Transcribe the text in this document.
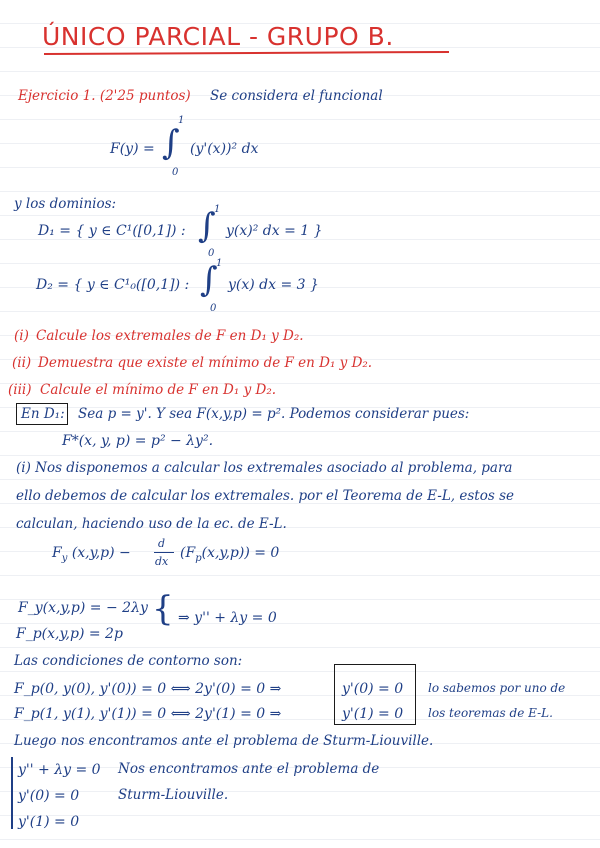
ÚNICO PARCIAL - GRUPO B.
Ejercicio 1. (2'25 puntos) Se considera el funcional
F(y) = ∫
1
0
(y'(x))² dx
y los dominios:
D₁ = { y ∈ C¹([0,1]) : ∫
1
0
y(x)² dx = 1 }
D₂ = { y ∈ C¹₀([0,1]) : ∫
1
0
y(x) dx = 3 }
(i) Calcule los extremales de F en D₁ y D₂.
(ii) Demuestra que existe el mínimo de F en D₁ y D₂.
(iii) Calcule el mínimo de F en D₁ y D₂.
En D₁: Sea p = y'. Y sea F(x,y,p) = p². Podemos considerar pues:
F*(x, y, p) = p² − λy².
(i) Nos disponemos a calcular los extremales asociado al problema, para
ello debemos de calcular los extremales. por el Teorema de E-L, estos se
calculan, haciendo uso de la ec. de E-L.
$F_y$ (x,y,p) −
d
dx
$(F_p(x,y,p)) = 0$
F_y(x,y,p) = − 2λy
F_p(x,y,p) = 2p
{ ⇒ y'' + λy = 0
Las condiciones de contorno son:
F_p(0, y(0), y'(0)) = 0 ⟺ 2y'(0) = 0 ⇒
F_p(1, y(1), y'(1)) = 0 ⟺ 2y'(1) = 0 ⇒
y'(0) = 0
y'(1) = 0
lo sabemos por uno de
los teoremas de E-L.
Luego nos encontramos ante el problema de Sturm-Liouville.
y'' + λy = 0
y'(0) = 0
y'(1) = 0
Nos encontramos ante el problema de
Sturm-Liouville.
